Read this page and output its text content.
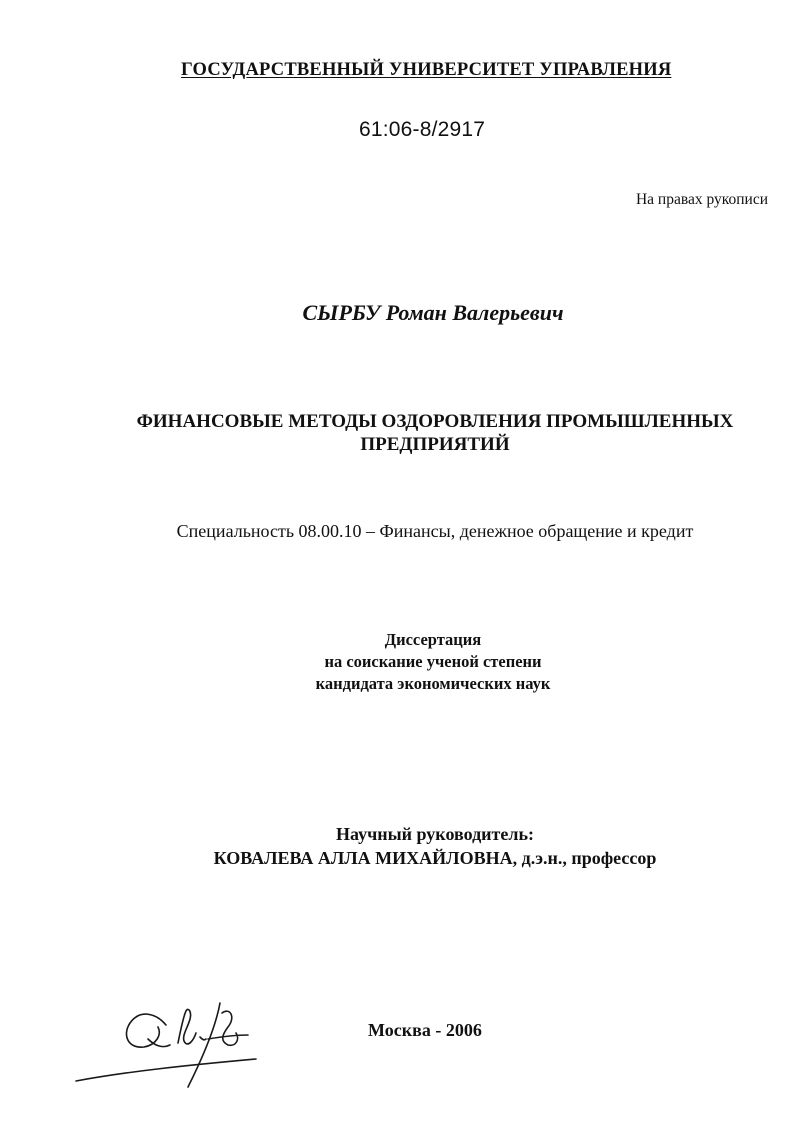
ГОСУДАРСТВЕННЫЙ УНИВЕРСИТЕТ УПРАВЛЕНИЯ
61:06-8/2917
На правах рукописи
СЫРБУ Роман Валерьевич
ФИНАНСОВЫЕ МЕТОДЫ ОЗДОРОВЛЕНИЯ ПРОМЫШЛЕННЫХ
ПРЕДПРИЯТИЙ
Специальность 08.00.10 – Финансы, денежное обращение и кредит
Диссертация
на соискание ученой степени
кандидата экономических наук
Научный руководитель:
КОВАЛЕВА АЛЛА МИХАЙЛОВНА, д.э.н., профессор
Москва - 2006
